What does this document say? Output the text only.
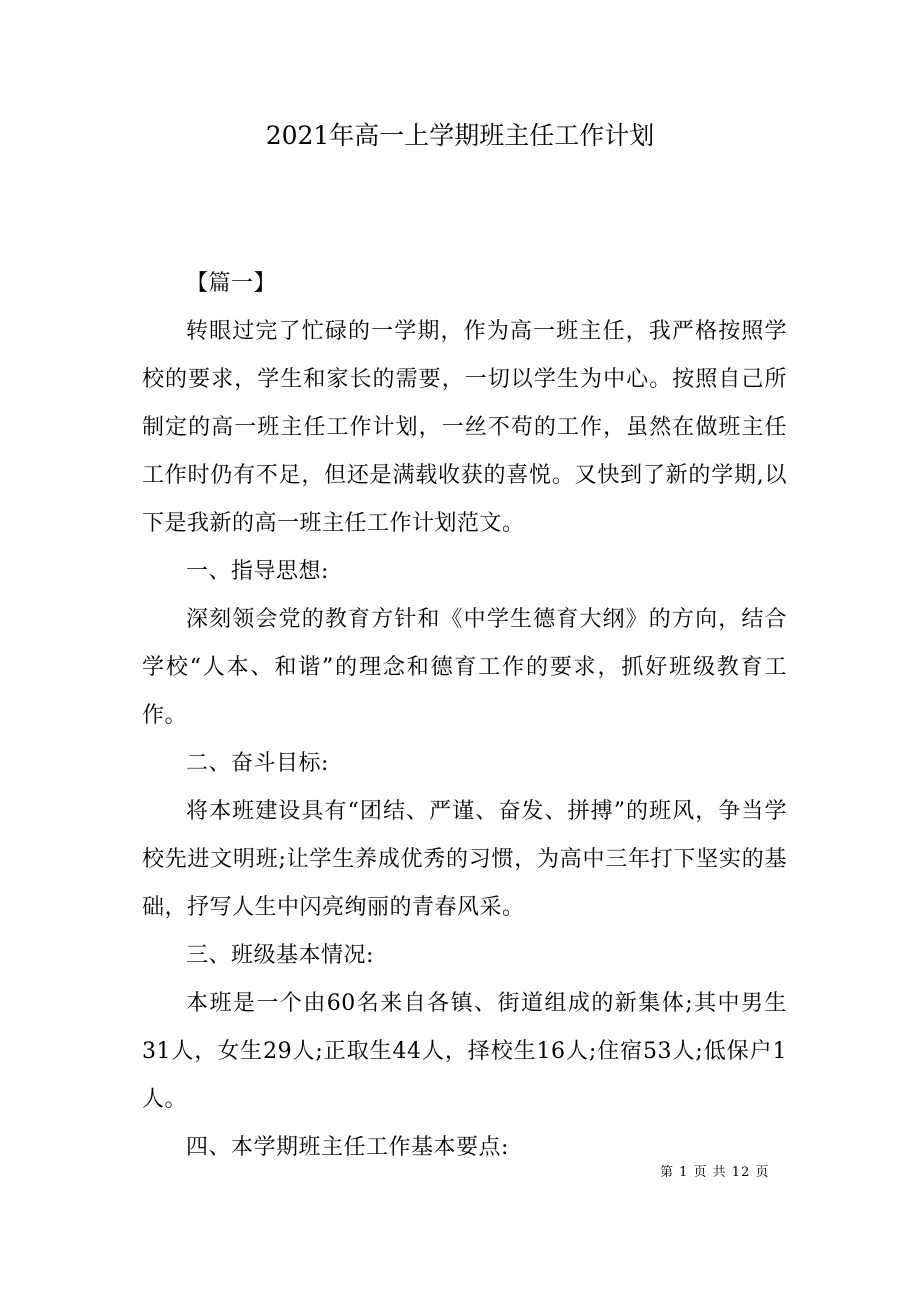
2021年高一上学期班主任工作计划

【篇一】

转眼过完了忙碌的一学期，作为高一班主任，我严格按照学校的要求，学生和家长的需要，一切以学生为中心。按照自己所制定的高一班主任工作计划，一丝不苟的工作，虽然在做班主任工作时仍有不足，但还是满载收获的喜悦。又快到了新的学期,以下是我新的高一班主任工作计划范文。

一、指导思想:

深刻领会党的教育方针和《中学生德育大纲》的方向，结合学校“人本、和谐”的理念和德育工作的要求，抓好班级教育工作。

二、奋斗目标:

将本班建设具有“团结、严谨、奋发、拼搏”的班风，争当学校先进文明班;让学生养成优秀的习惯，为高中三年打下坚实的基础，抒写人生中闪亮绚丽的青春风采。

三、班级基本情况:

本班是一个由60名来自各镇、街道组成的新集体;其中男生31人，女生29人;正取生44人，择校生16人;住宿53人;低保户1人。

四、本学期班主任工作基本要点:

第 1 页 共 12 页
